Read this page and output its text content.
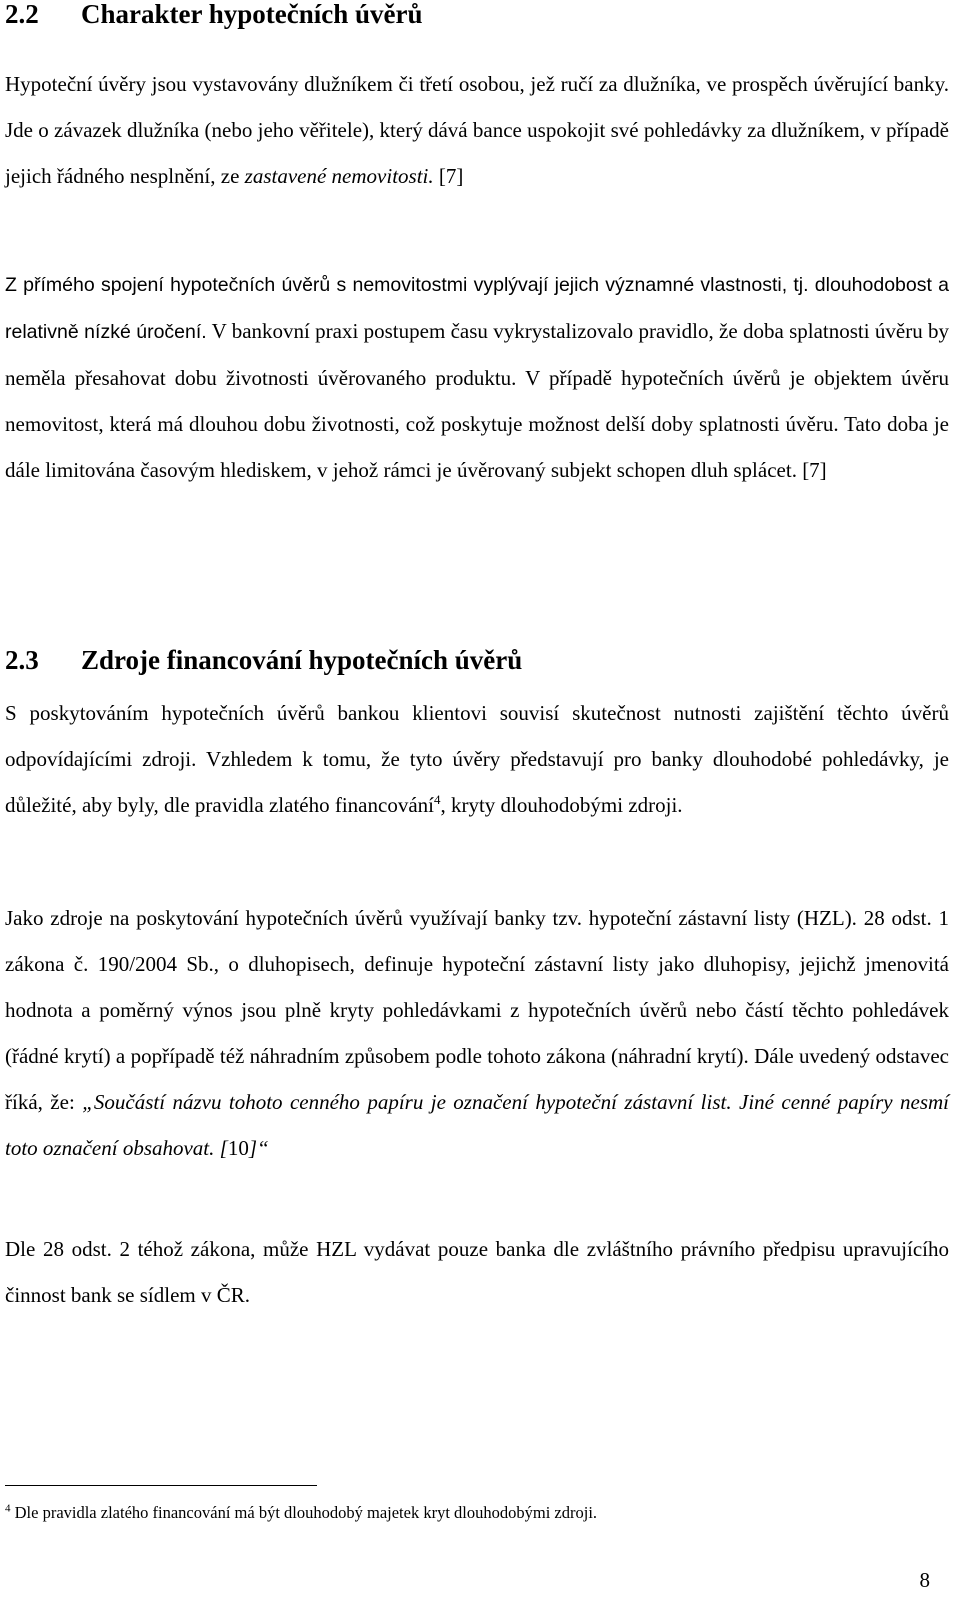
2.2 Charakter hypotečních úvěrů

Hypoteční úvěry jsou vystavovány dlužníkem či třetí osobou, jež ručí za dlužníka, ve prospěch úvěrující banky. Jde o závazek dlužníka (nebo jeho věřitele), který dává bance uspokojit své pohledávky za dlužníkem, v případě jejich řádného nesplnění, ze zastavené nemovitosti. [7]

Z přímého spojení hypotečních úvěrů s nemovitostmi vyplývají jejich významné vlastnosti, tj. dlouhodobost a relativně nízké úročení. V bankovní praxi postupem času vykrystalizovalo pravidlo, že doba splatnosti úvěru by neměla přesahovat dobu životnosti úvěrovaného produktu. V případě hypotečních úvěrů je objektem úvěru nemovitost, která má dlouhou dobu životnosti, což poskytuje možnost delší doby splatnosti úvěru. Tato doba je dále limitována časovým hlediskem, v jehož rámci je úvěrovaný subjekt schopen dluh splácet. [7]

2.3 Zdroje financování hypotečních úvěrů

S poskytováním hypotečních úvěrů bankou klientovi souvisí skutečnost nutnosti zajištění těchto úvěrů odpovídajícími zdroji. Vzhledem k tomu, že tyto úvěry představují pro banky dlouhodobé pohledávky, je důležité, aby byly, dle pravidla zlatého financování$^4$, kryty dlouhodobými zdroji.

Jako zdroje na poskytování hypotečních úvěrů využívají banky tzv. hypoteční zástavní listy (HZL). 28 odst. 1 zákona č. 190/2004 Sb., o dluhopisech, definuje hypoteční zástavní listy jako dluhopisy, jejichž jmenovitá hodnota a poměrný výnos jsou plně kryty pohledávkami z hypotečních úvěrů nebo částí těchto pohledávek (řádné krytí) a popřípadě též náhradním způsobem podle tohoto zákona (náhradní krytí). Dále uvedený odstavec říká, že: „Součástí názvu tohoto cenného papíru je označení hypoteční zástavní list. Jiné cenné papíry nesmí toto označení obsahovat. [10]“

Dle 28 odst. 2 téhož zákona, může HZL vydávat pouze banka dle zvláštního právního předpisu upravujícího činnost bank se sídlem v ČR.

$^4$ Dle pravidla zlatého financování má být dlouhodobý majetek kryt dlouhodobými zdroji.
8
